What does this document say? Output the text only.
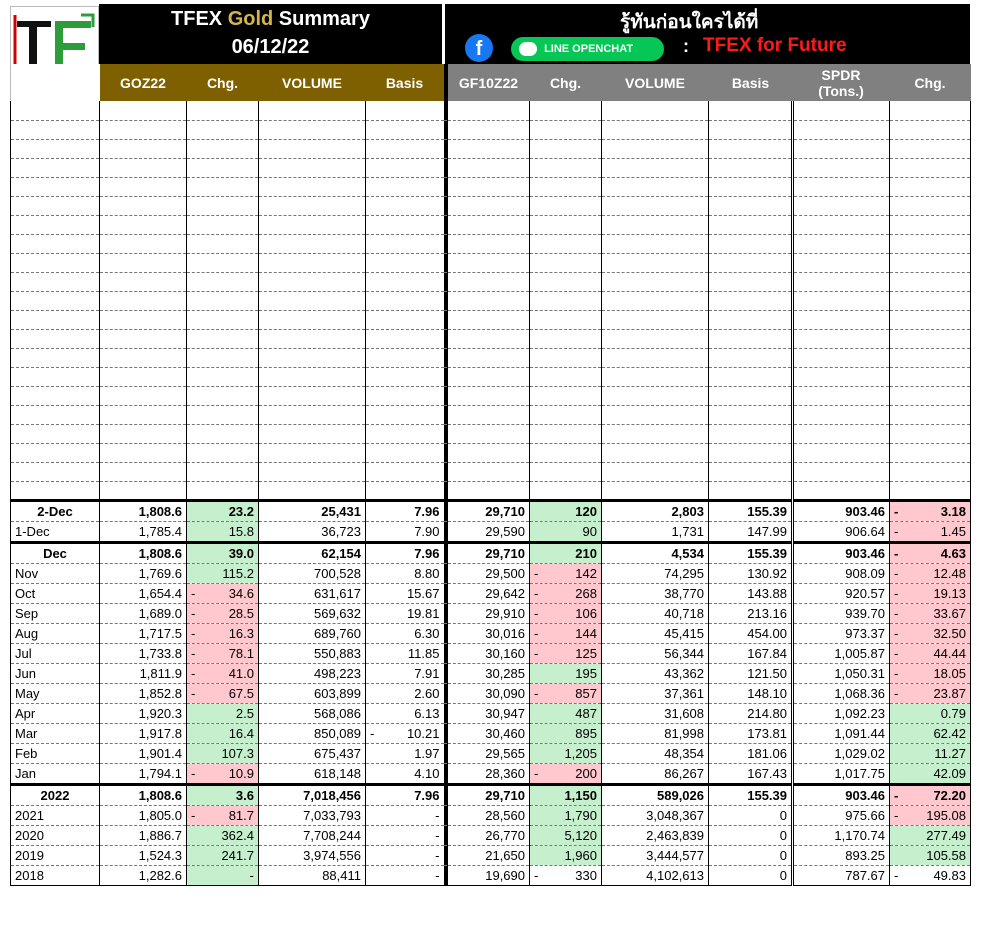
TFEX Gold Summary
06/12/22
รู้ทันก่อนใครได้ที่
f	LINE OPENCHAT	: TFEX for Future
	GOZ22	Chg.	VOLUME	Basis		GF10Z22	Chg.	VOLUME	Basis	SPDR
(Tons.)	Chg.

2-Dec	1,808.6	23.2	25,431	7.96		29,710	120	2,803	155.39	903.46	- 3.18
1-Dec	1,785.4	15.8	36,723	7.90		29,590	90	1,731	147.99	906.64	- 1.45
Dec	1,808.6	39.0	62,154	7.96		29,710	210	4,534	155.39	903.46	- 4.63
Nov	1,769.6	115.2	700,528	8.80		29,500	- 142	74,295	130.92	908.09	- 12.48
Oct	1,654.4	- 34.6	631,617	15.67		29,642	- 268	38,770	143.88	920.57	- 19.13
Sep	1,689.0	- 28.5	569,632	19.81		29,910	- 106	40,718	213.16	939.70	- 33.67
Aug	1,717.5	- 16.3	689,760	6.30		30,016	- 144	45,415	454.00	973.37	- 32.50
Jul	1,733.8	- 78.1	550,883	11.85		30,160	- 125	56,344	167.84	1,005.87	- 44.44
Jun	1,811.9	- 41.0	498,223	7.91		30,285	195	43,362	121.50	1,050.31	- 18.05
May	1,852.8	- 67.5	603,899	2.60		30,090	- 857	37,361	148.10	1,068.36	- 23.87
Apr	1,920.3	2.5	568,086	6.13		30,947	487	31,608	214.80	1,092.23	0.79
Mar	1,917.8	16.4	850,089	- 10.21		30,460	895	81,998	173.81	1,091.44	62.42
Feb	1,901.4	107.3	675,437	1.97		29,565	1,205	48,354	181.06	1,029.02	11.27
Jan	1,794.1	- 10.9	618,148	4.10		28,360	- 200	86,267	167.43	1,017.75	42.09
2022	1,808.6	3.6	7,018,456	7.96		29,710	1,150	589,026	155.39	903.46	- 72.20
2021	1,805.0	- 81.7	7,033,793	-		28,560	1,790	3,048,367	0	975.66	- 195.08
2020	1,886.7	362.4	7,708,244	-		26,770	5,120	2,463,839	0	1,170.74	277.49
2019	1,524.3	241.7	3,974,556	-		21,650	1,960	3,444,577	0	893.25	105.58
2018	1,282.6	-	88,411	-		19,690	- 330	4,102,613	0	787.67	- 49.83
